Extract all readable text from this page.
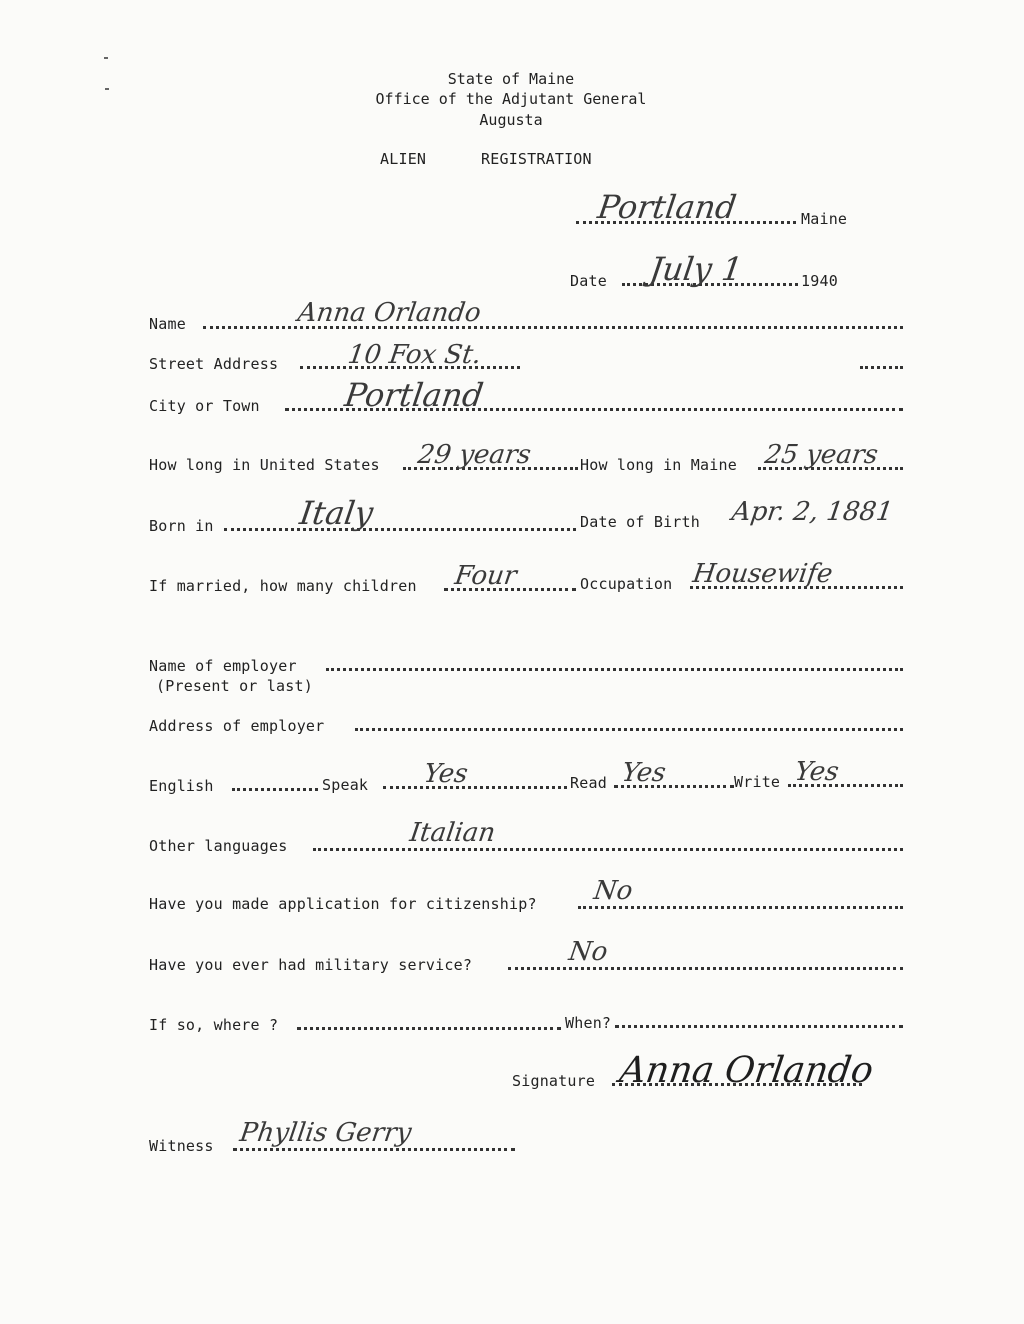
State of Maine
Office of the Adjutant General
Augusta
ALIEN	REGISTRATION
Portland	Maine
Date July 1	1940
Name	Anna Orlando
Street Address	10 Fox St.
City or Town	Portland
How long in United States 29 years	How long in Maine 25 years
Born in	Italy	Date of Birth Apr. 2, 1881
If married, how many children Four	Occupation Housewife
Name of employer
(Present or last)
Address of employer
English	Speak Yes	Read Yes	Write Yes
Other languages	Italian
Have you made application for citizenship? No
Have you ever had military service?	No
If so, where ?	When?
Signature Anna Orlando
Witness Phyllis Gerry
